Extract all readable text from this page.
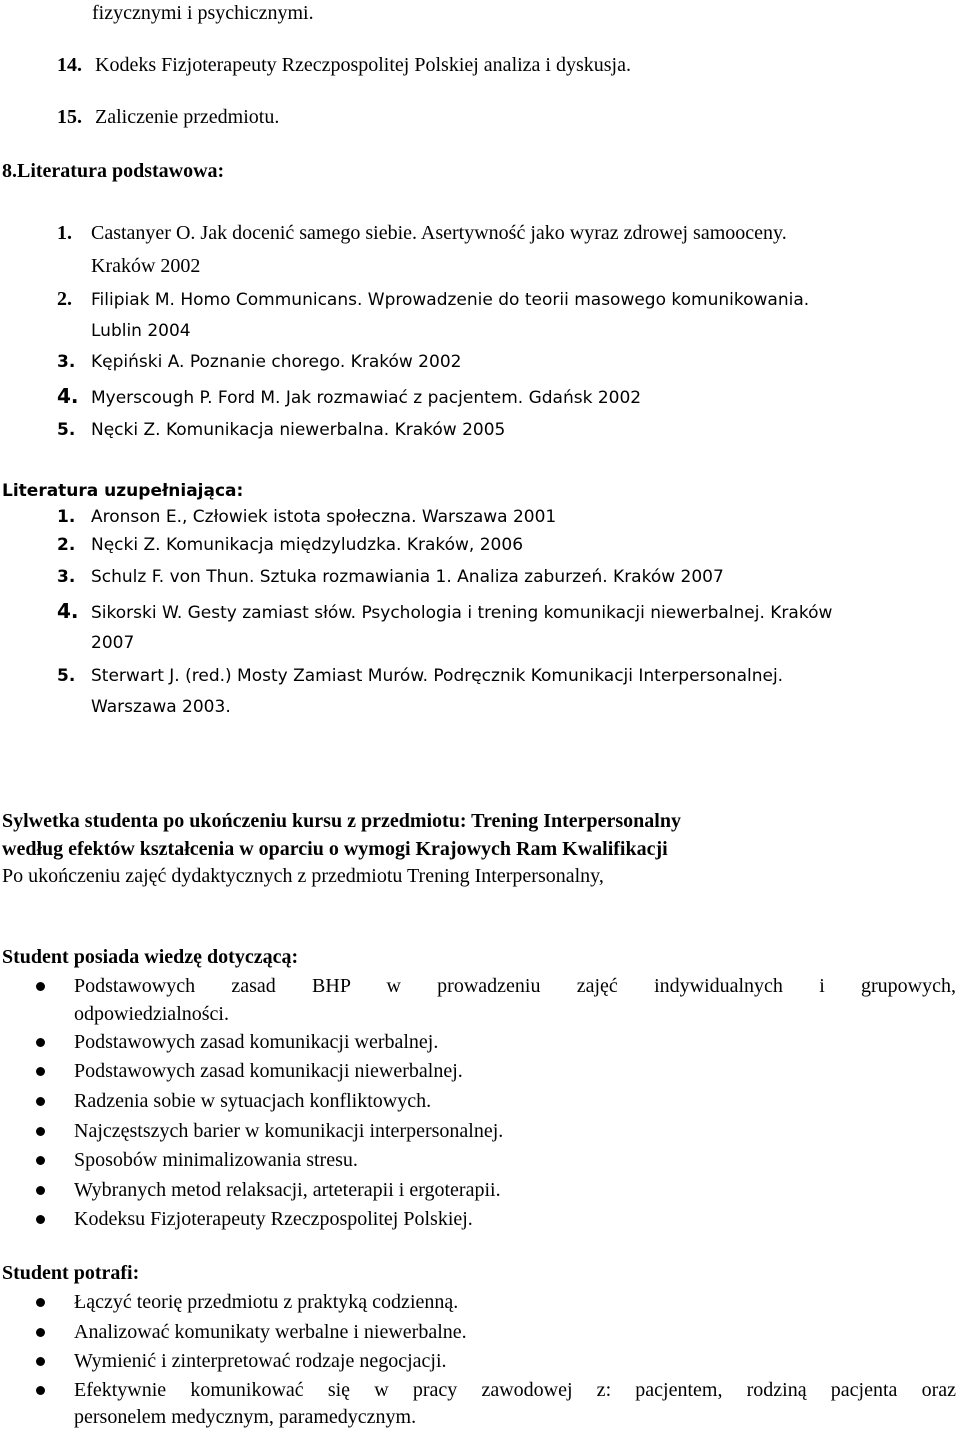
fizycznymi i psychicznymi.
14. Kodeks Fizjoterapeuty Rzeczpospolitej Polskiej analiza i dyskusja.
15. Zaliczenie przedmiotu.
8.Literatura podstawowa:
1. Castanyer O. Jak docenić samego siebie. Asertywność jako wyraz zdrowej samooceny.
Kraków 2002
2. Filipiak M. Homo Communicans. Wprowadzenie do teorii masowego komunikowania.
Lublin 2004
3. Kępiński A. Poznanie chorego. Kraków 2002
4. Myerscough P. Ford M. Jak rozmawiać z pacjentem. Gdańsk 2002
5. Nęcki Z. Komunikacja niewerbalna. Kraków 2005
Literatura uzupełniająca:
1. Aronson E., Człowiek istota społeczna. Warszawa 2001
2. Nęcki Z. Komunikacja międzyludzka. Kraków, 2006
3. Schulz F. von Thun. Sztuka rozmawiania 1. Analiza zaburzeń. Kraków 2007
4. Sikorski W. Gesty zamiast słów. Psychologia i trening komunikacji niewerbalnej. Kraków
2007
5. Sterwart J. (red.) Mosty Zamiast Murów. Podręcznik Komunikacji Interpersonalnej.
Warszawa 2003.
Sylwetka studenta po ukończeniu kursu z przedmiotu: Trening Interpersonalny
według efektów kształcenia w oparciu o wymogi Krajowych Ram Kwalifikacji
Po ukończeniu zajęć dydaktycznych z przedmiotu Trening Interpersonalny,
Student posiada wiedzę dotyczącą:
Podstawowych zasad BHP w prowadzeniu zajęć indywidualnych i grupowych,
odpowiedzialności.
Podstawowych zasad komunikacji werbalnej.
Podstawowych zasad komunikacji niewerbalnej.
Radzenia sobie w sytuacjach konfliktowych.
Najczęstszych barier w komunikacji interpersonalnej.
Sposobów minimalizowania stresu.
Wybranych metod relaksacji, arteterapii i ergoterapii.
Kodeksu Fizjoterapeuty Rzeczpospolitej Polskiej.
Student potrafi:
Łączyć teorię przedmiotu z praktyką codzienną.
Analizować komunikaty werbalne i niewerbalne.
Wymienić i zinterpretować rodzaje negocjacji.
Efektywnie komunikować się w pracy zawodowej z: pacjentem, rodziną pacjenta oraz
personelem medycznym, paramedycznym.
